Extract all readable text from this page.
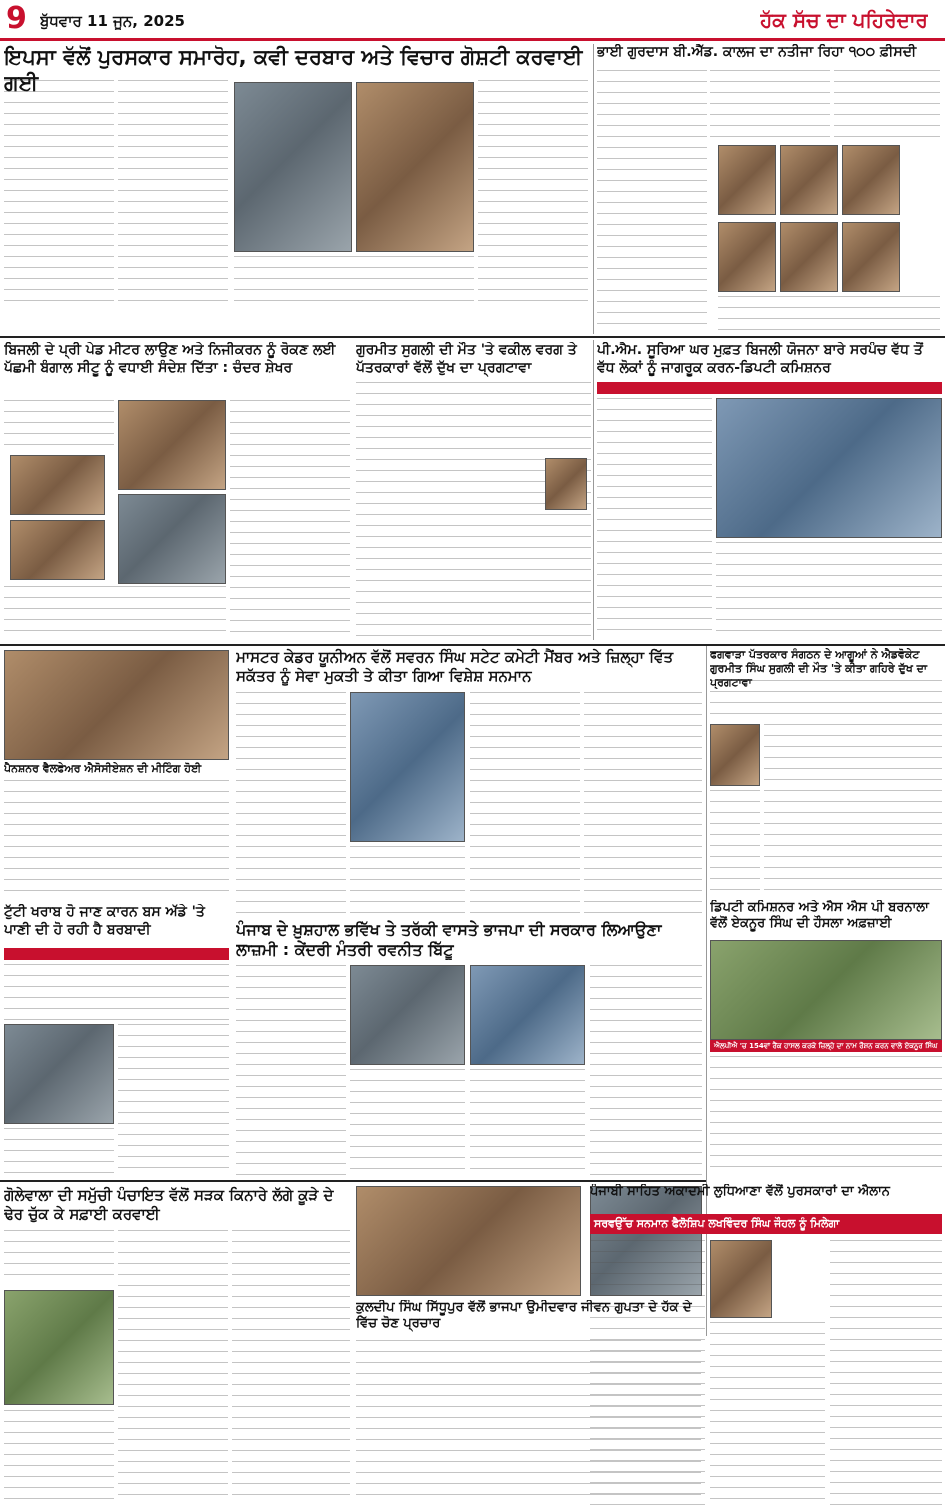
9 ਬੁੱਧਵਾਰ 11 ਜੂਨ, 2025	ਹੱਕ ਸੱਚ ਦਾ ਪਹਿਰੇਦਾਰ
ਇਪਸਾ ਵੱਲੋਂ ਪੁਰਸਕਾਰ ਸਮਾਰੋਹ, ਕਵੀ ਦਰਬਾਰ ਅਤੇ ਵਿਚਾਰ ਗੋਸ਼ਟੀ ਕਰਵਾਈ ਗਈ
ਭਾਈ ਗੁਰਦਾਸ ਬੀ.ਐੱਡ. ਕਾਲਜ ਦਾ ਨਤੀਜਾ ਰਿਹਾ ੧੦੦ ਫ਼ੀਸਦੀ
ਬਿਜਲੀ ਦੇ ਪ੍ਰੀ ਪੇਡ ਮੀਟਰ ਲਾਉਣ ਅਤੇ ਨਿਜੀਕਰਨ ਨੂੰ ਰੋਕਣ ਲਈ ਪੱਛਮੀ ਬੰਗਾਲ ਸੀਟੂ ਨੂੰ ਵਧਾਈ ਸੰਦੇਸ਼ ਦਿੱਤਾ : ਚੰਦਰ ਸ਼ੇਖਰ
ਗੁਰਮੀਤ ਸੁਗਲੀ ਦੀ ਮੌਤ 'ਤੇ ਵਕੀਲ ਵਰਗ ਤੇ ਪੱਤਰਕਾਰਾਂ ਵੱਲੋਂ ਦੁੱਖ ਦਾ ਪ੍ਰਗਟਾਵਾ
ਪੀ.ਐਮ. ਸੂਰਿਆ ਘਰ ਮੁਫ਼ਤ ਬਿਜਲੀ ਯੋਜਨਾ ਬਾਰੇ ਸਰਪੰਚ ਵੱਧ ਤੋਂ ਵੱਧ ਲੋਕਾਂ ਨੂੰ ਜਾਗਰੂਕ ਕਰਨ-ਡਿਪਟੀ ਕਮਿਸ਼ਨਰ
ਪੈਨਸ਼ਨਰ ਵੈਲਫੇਅਰ ਐਸੋਸੀਏਸ਼ਨ ਦੀ ਮੀਟਿੰਗ ਹੋਈ
ਮਾਸਟਰ ਕੇਡਰ ਯੂਨੀਅਨ ਵੱਲੋਂ ਸਵਰਨ ਸਿੰਘ ਸਟੇਟ ਕਮੇਟੀ ਮੈਂਬਰ ਅਤੇ ਜ਼ਿਲ੍ਹਾ ਵਿੱਤ ਸਕੱਤਰ ਨੂੰ ਸੇਵਾ ਮੁਕਤੀ ਤੇ ਕੀਤਾ ਗਿਆ ਵਿਸ਼ੇਸ਼ ਸਨਮਾਨ
ਫਗਵਾੜਾ ਪੱਤਰਕਾਰ ਸੰਗਠਨ ਦੇ ਆਗੂਆਂ ਨੇ ਐਡਵੋਕੇਟ ਗੁਰਮੀਤ ਸਿੰਘ ਸੁਗਲੀ ਦੀ ਮੌਤ 'ਤੇ ਕੀਤਾ ਗਹਿਰੇ ਦੁੱਖ ਦਾ ਪ੍ਰਗਟਾਵਾ
ਟੁੱਟੀ ਖਰਾਬ ਹੋ ਜਾਣ ਕਾਰਨ ਬਸ ਅੱਡੇ 'ਤੇ ਪਾਣੀ ਦੀ ਹੋ ਰਹੀ ਹੈ ਬਰਬਾਦੀ	ਪੰਜਾਬ ਦੇ ਖ਼ੁਸ਼ਹਾਲ ਭਵਿੱਖ ਤੇ ਤਰੱਕੀ ਵਾਸਤੇ ਭਾਜਪਾ ਦੀ ਸਰਕਾਰ ਲਿਆਉਣਾ ਲਾਜ਼ਮੀ : ਕੇਂਦਰੀ ਮੰਤਰੀ ਰਵਨੀਤ ਬਿੱਟੂ
ਡਿਪਟੀ ਕਮਿਸ਼ਨਰ ਅਤੇ ਐਸ ਐਸ ਪੀ ਬਰਨਾਲਾ ਵੱਲੋਂ ਏਕਨੂਰ ਸਿੰਘ ਦੀ ਹੌਸਲਾ ਅਫ਼ਜ਼ਾਈ
ਐਲਪੀਐ 'ਚ 154ਵਾਂ ਰੈਂਕ ਹਾਸਲ ਕਰਕੇ ਜ਼ਿਲ੍ਹੇ ਦਾ ਨਾਮ ਰੌਸ਼ਨ ਕਰਨ ਵਾਲੇ ਏਕਨੂਰ ਸਿੰਘ
ਗੋਲੇਵਾਲਾ ਦੀ ਸਮੁੱਚੀ ਪੰਚਾਇਤ ਵੱਲੋਂ ਸੜਕ ਕਿਨਾਰੇ ਲੱਗੇ ਕੂੜੇ ਦੇ ਢੇਰ ਚੁੱਕ ਕੇ ਸਫ਼ਾਈ ਕਰਵਾਈ
ਕੁਲਦੀਪ ਸਿੰਘ ਸਿੱਧੂਪੁਰ ਵੱਲੋਂ ਭਾਜਪਾ ਉਮੀਦਵਾਰ ਜੀਵਨ ਗੁਪਤਾ ਦੇ ਹੱਕ ਦੇ ਵਿੱਚ ਚੋਣ ਪ੍ਰਚਾਰ
ਪੰਜਾਬੀ ਸਾਹਿਤ ਅਕਾਦਮੀ ਲੁਧਿਆਣਾ ਵੱਲੋਂ ਪੁਰਸਕਾਰਾਂ ਦਾ ਐਲਾਨ
ਸਰਵਉੱਚ ਸਨਮਾਨ ਫੈਲੋਸ਼ਿਪ ਲਖਵਿੰਦਰ ਸਿੰਘ ਜੌਹਲ ਨੂੰ ਮਿਲੇਗਾ
